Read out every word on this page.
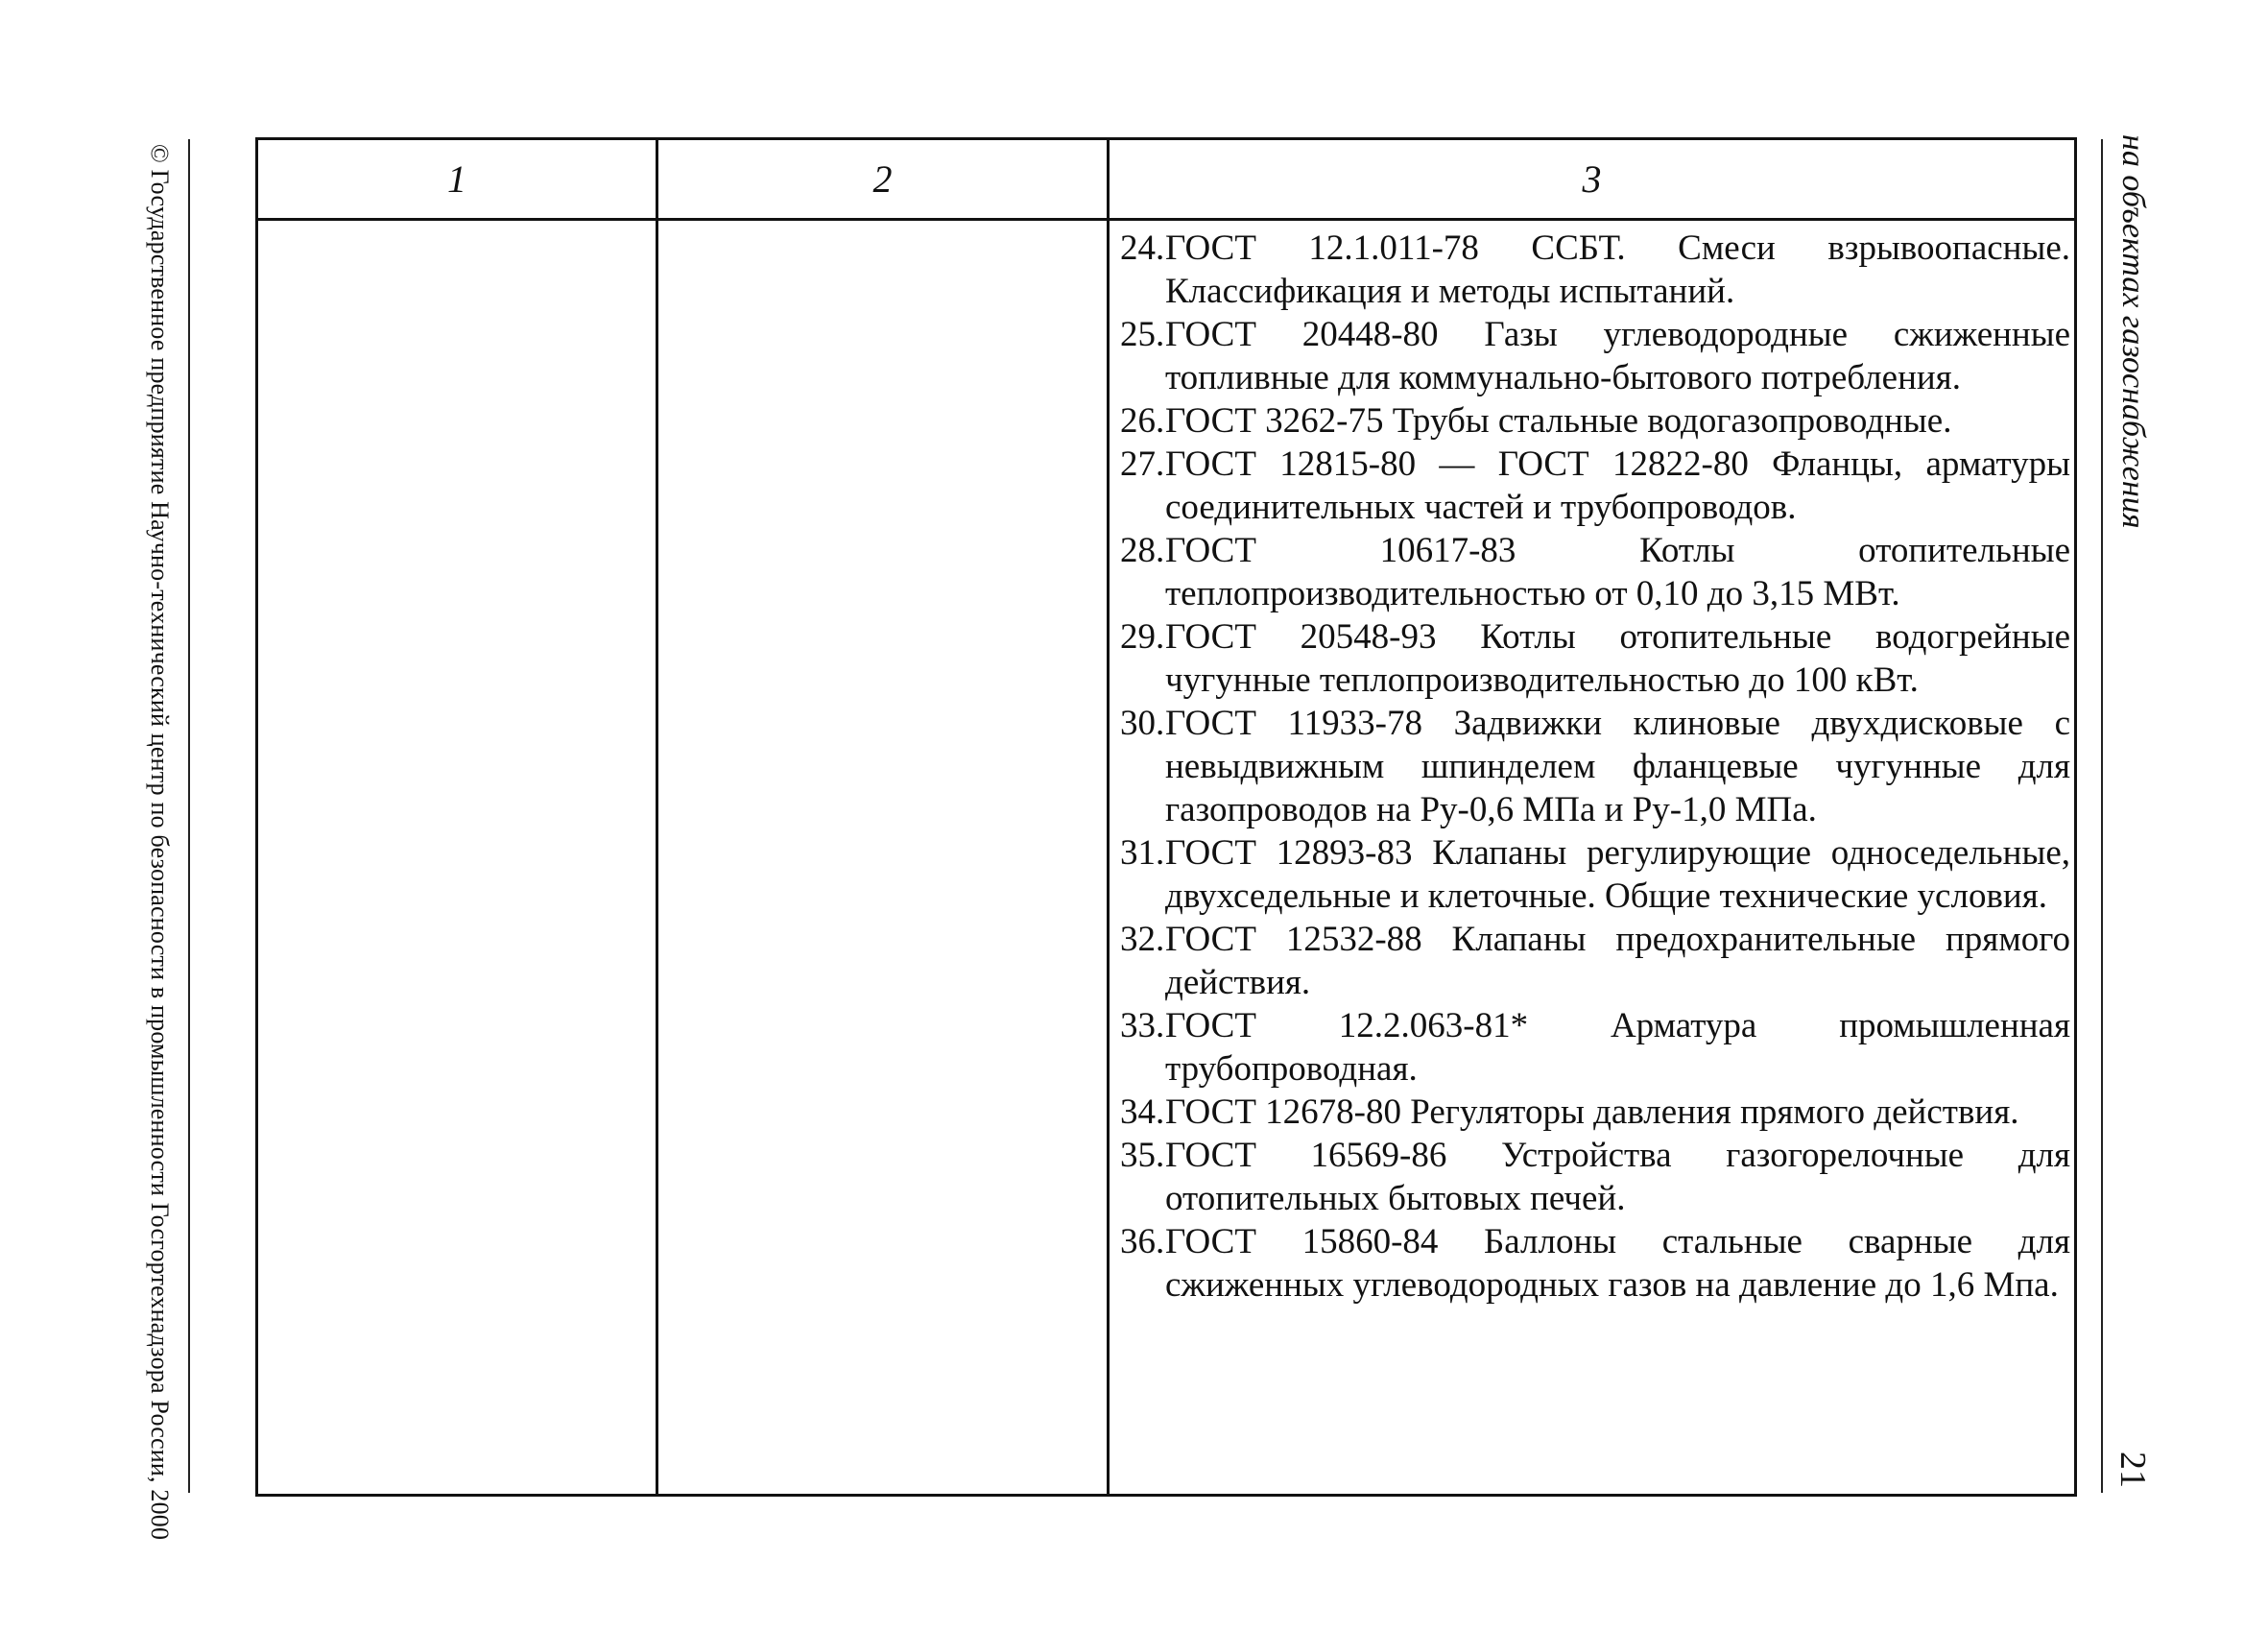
© Государственное предприятие Научно-технический центр по безопасности в промышленности Госгортехнадзора России, 2000	на объектах газоснабжения
21
1	2	3
24. ГОСТ 12.1.011-78 ССБТ. Смеси взрывоопасные. Классификация и методы испытаний.
25. ГОСТ 20448-80 Газы углеводородные сжиженные топливные для коммунально-бытового потребления.
26. ГОСТ 3262-75 Трубы стальные водогазопроводные.
27. ГОСТ 12815-80 — ГОСТ 12822-80 Фланцы, арматуры соединительных частей и трубопроводов.
28. ГОСТ 10617-83 Котлы отопительные теплопроизводительностью от 0,10 до 3,15 МВт.
29. ГОСТ 20548-93 Котлы отопительные водогрейные чугунные теплопроизводительностью до 100 кВт.
30. ГОСТ 11933-78 Задвижки клиновые двухдисковые с невыдвижным шпинделем фланцевые чугунные для газопроводов на Ру-0,6 МПа и Ру-1,0 МПа.
31. ГОСТ 12893-83 Клапаны регулирующие односедельные, двухседельные и клеточные. Общие технические условия.
32. ГОСТ 12532-88 Клапаны предохранительные прямого действия.
33. ГОСТ 12.2.063-81* Арматура промышленная трубопроводная.
34. ГОСТ 12678-80 Регуляторы давления прямого действия.
35. ГОСТ 16569-86 Устройства газогорелочные для отопительных бытовых печей.
36. ГОСТ 15860-84 Баллоны стальные сварные для сжиженных углеводородных газов на давление до 1,6 Мпа.
